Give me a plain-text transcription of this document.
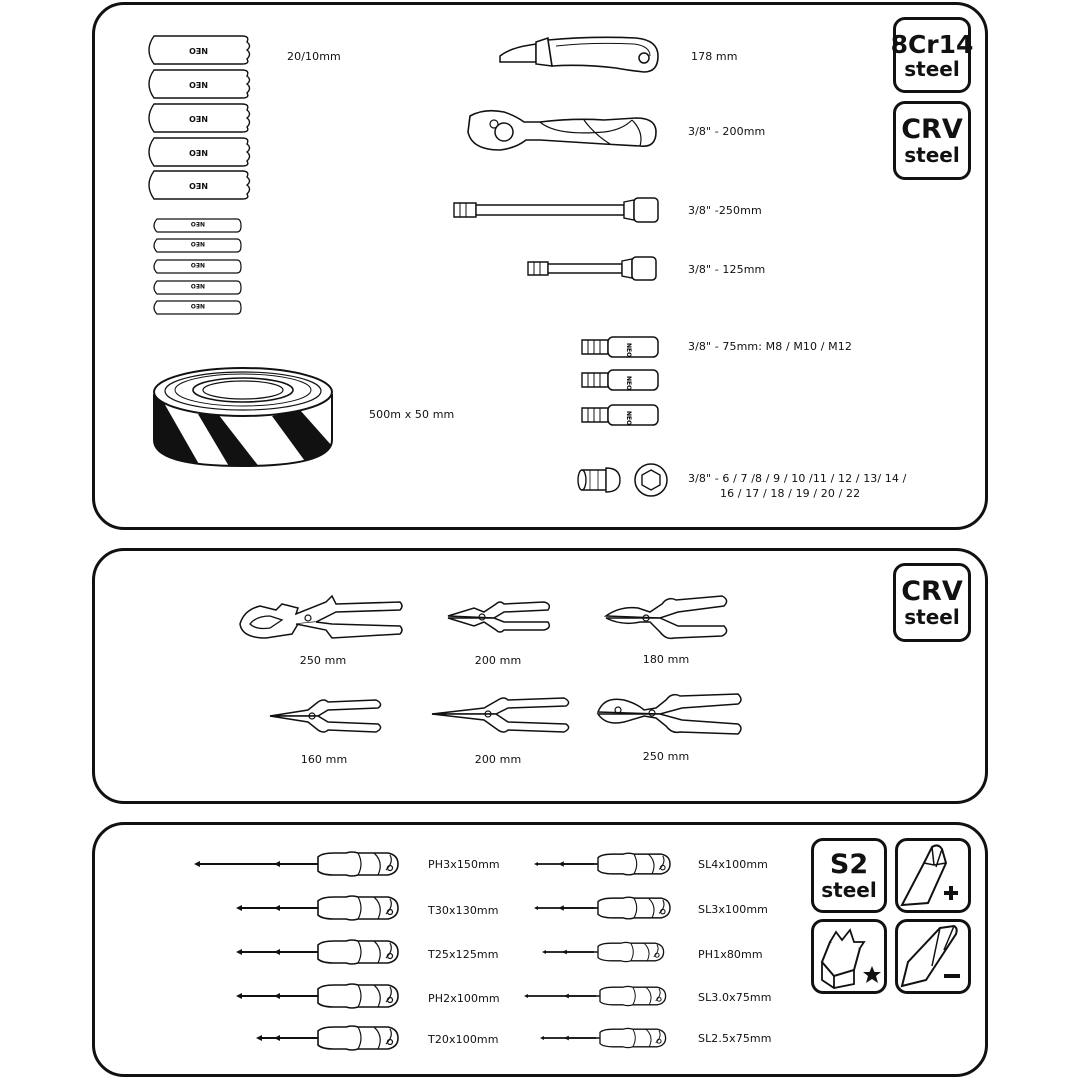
20/10mm
500m x 50 mm
178 mm
3/8" - 200mm
3/8" -250mm
3/8" - 125mm
NEO
NEO
NEO
3/8" - 75mm: M8 / M10 / M12
3/8" - 6 / 7 /8 / 9 / 10 /11 / 12 / 13/ 14 /
16 / 17 / 18 / 19 / 20 / 22
8Cr14
steel
CRV
steel
250 mm	200 mm	180 mm
160 mm	200 mm	250 mm
CRV
steel
PH3x150mm
T30x130mm
T25x125mm
PH2x100mm
T20x100mm
SL4x100mm
SL3x100mm
PH1x80mm
SL3.0x75mm
SL2.5x75mm
S2
steel
